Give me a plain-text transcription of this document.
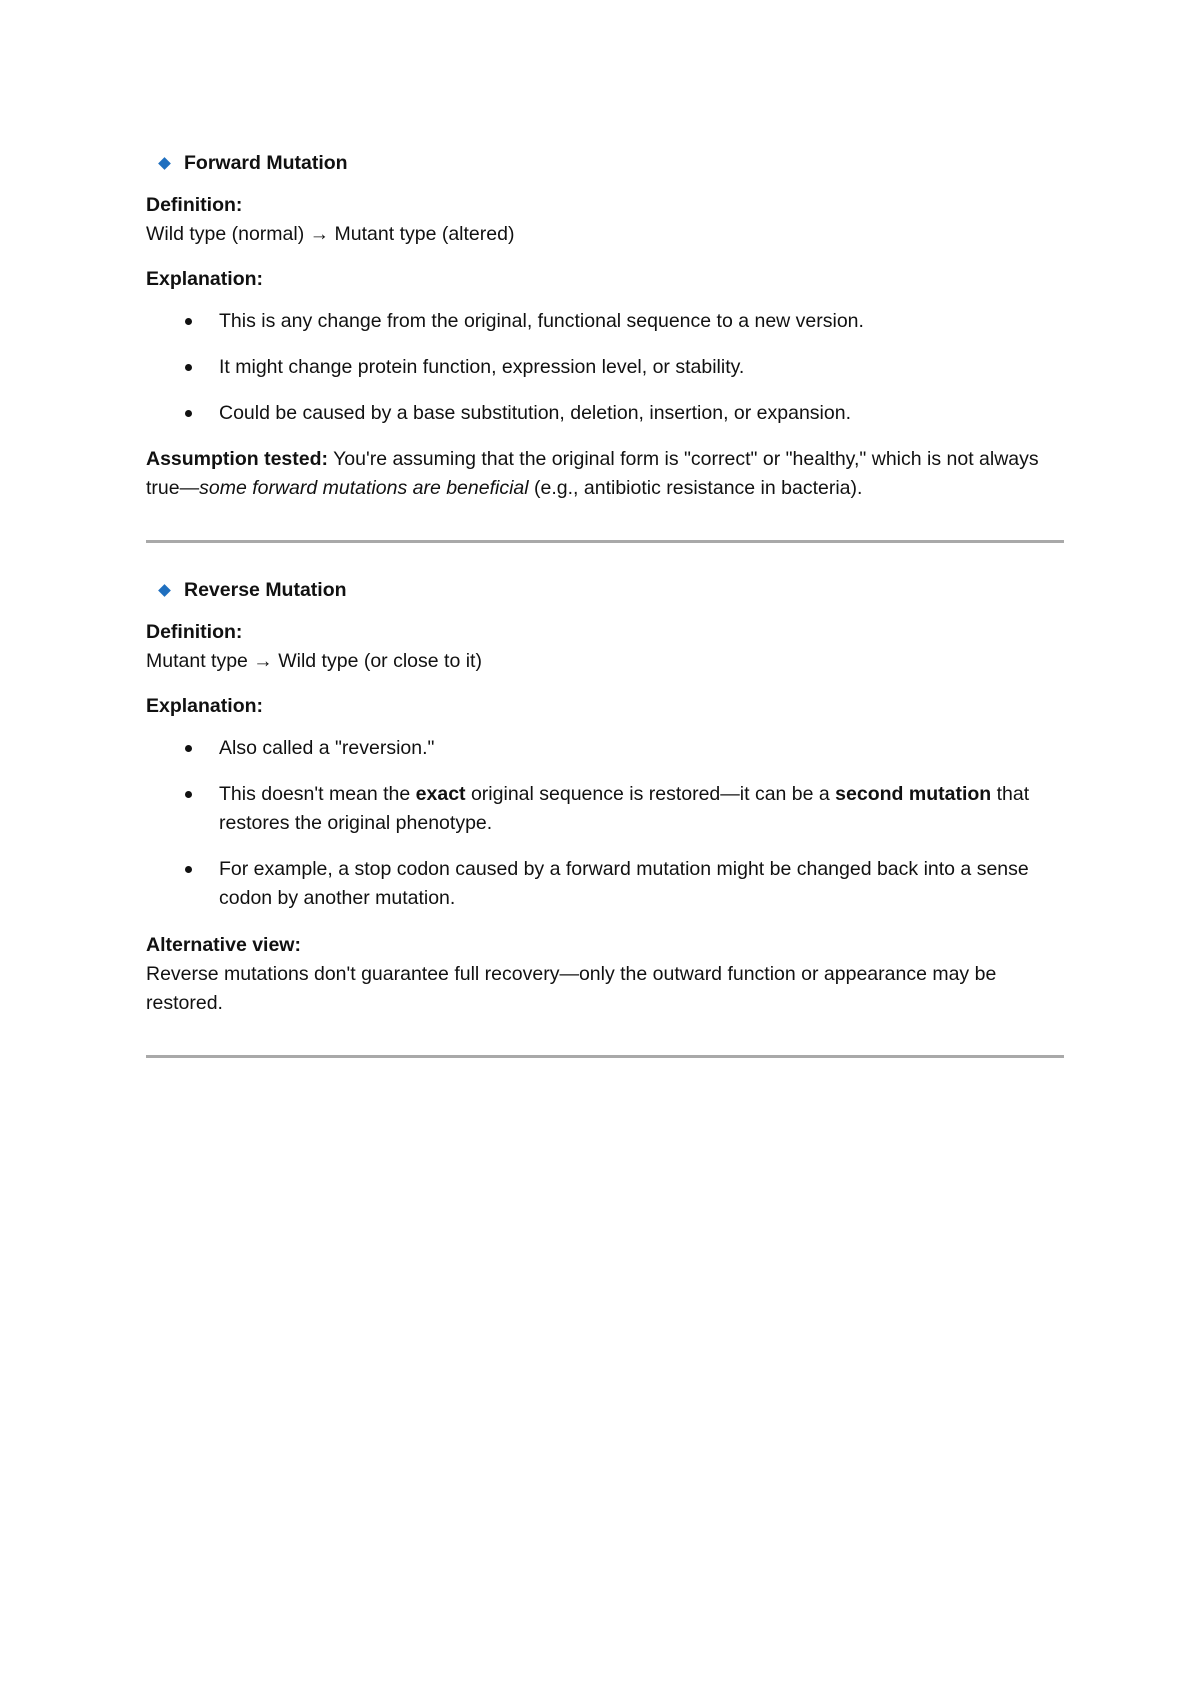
Forward Mutation

Definition:

Wild type (normal) → Mutant type (altered)

Explanation:

This is any change from the original, functional sequence to a new version.
It might change protein function, expression level, or stability.
Could be caused by a base substitution, deletion, insertion, or expansion.

Assumption tested: You're assuming that the original form is "correct" or "healthy," which is not always true—some forward mutations are beneficial (e.g., antibiotic resistance in bacteria).

Reverse Mutation

Definition:

Mutant type → Wild type (or close to it)

Explanation:

Also called a "reversion."
This doesn't mean the exact original sequence is restored—it can be a second mutation that restores the original phenotype.
For example, a stop codon caused by a forward mutation might be changed back into a sense codon by another mutation.

Alternative view:

Reverse mutations don't guarantee full recovery—only the outward function or appearance may be restored.
